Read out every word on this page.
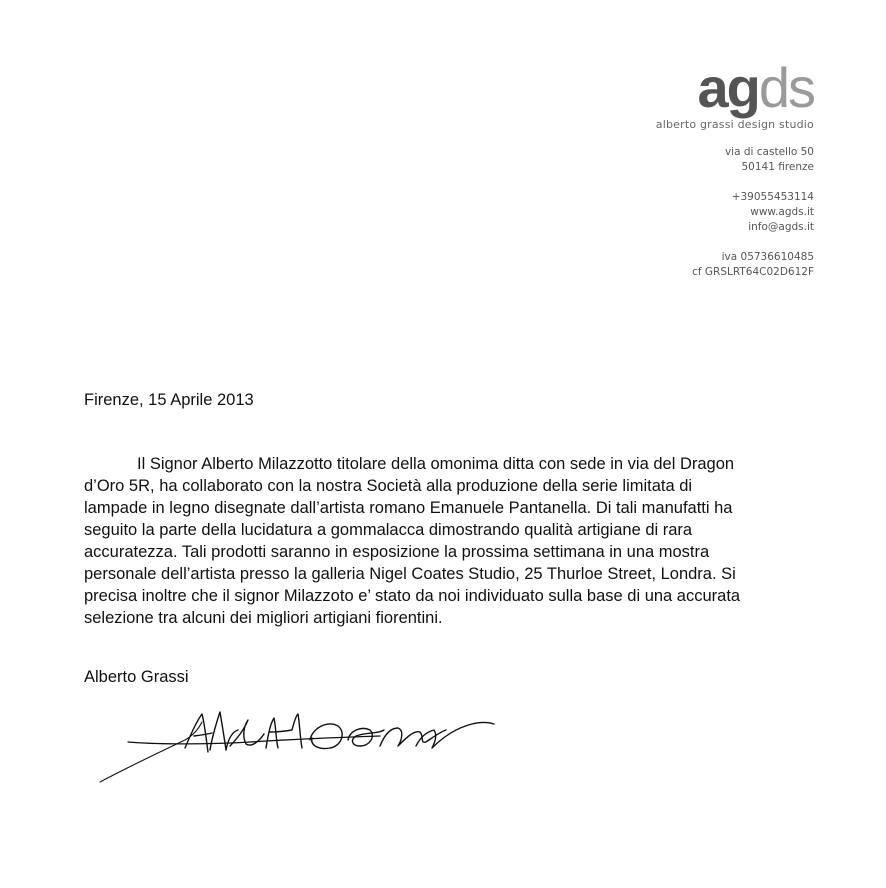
agds
alberto grassi design studio
via di castello 50
50141 firenze
+39055453114
www.agds.it
info@agds.it
iva 05736610485
cf GRSLRT64C02D612F
Firenze, 15 Aprile 2013
Il Signor Alberto Milazzotto titolare della omonima ditta con sede in via del Dragon
d’Oro 5R, ha collaborato con la nostra Società alla produzione della serie limitata di
lampade in legno disegnate dall’artista romano Emanuele Pantanella. Di tali manufatti ha
seguito la parte della lucidatura a gommalacca dimostrando qualità artigiane di rara
accuratezza. Tali prodotti saranno in esposizione la prossima settimana in una mostra
personale dell’artista presso la galleria Nigel Coates Studio, 25 Thurloe Street, Londra. Si
precisa inoltre che il signor Milazzoto e’ stato da noi individuato sulla base di una accurata
selezione tra alcuni dei migliori artigiani fiorentini.
Alberto Grassi
